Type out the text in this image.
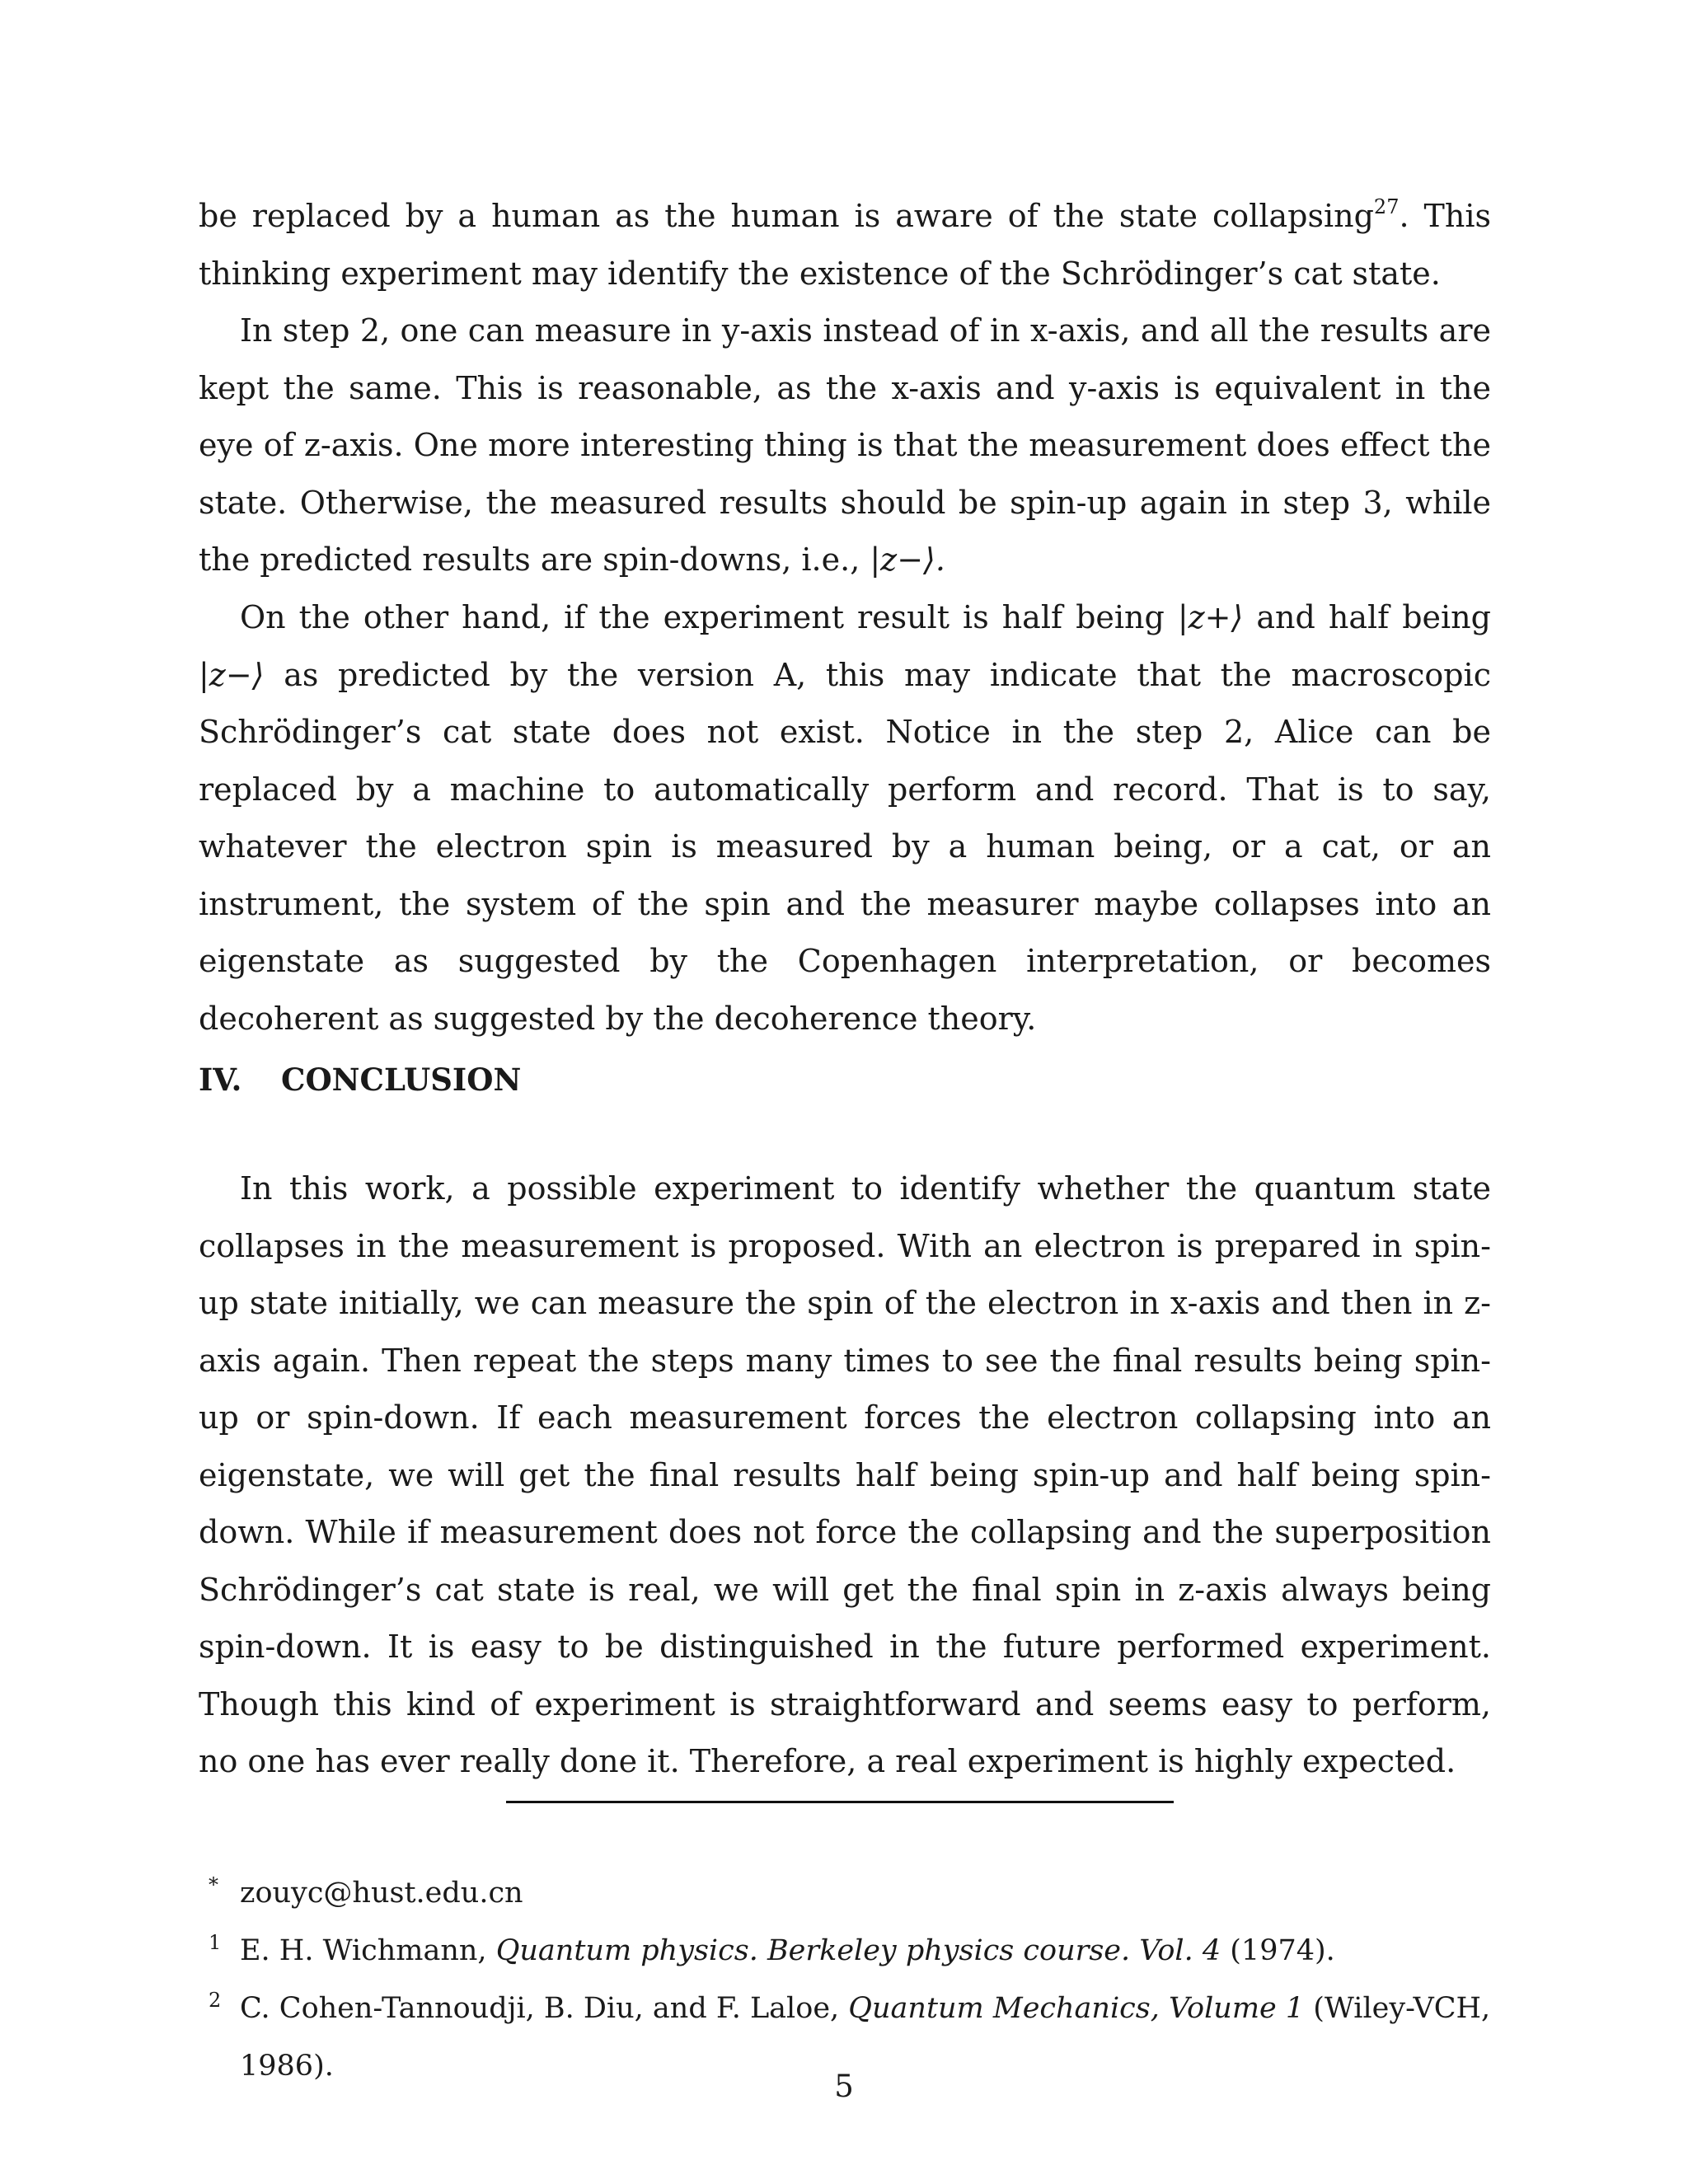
be replaced by a human as the human is aware of the state collapsing$^{27}$. This thinking experiment may identify the existence of the Schrödinger’s cat state.

In step 2, one can measure in y-axis instead of in x-axis, and all the results are kept the same. This is reasonable, as the x-axis and y-axis is equivalent in the eye of z-axis. One more interesting thing is that the measurement does effect the state. Otherwise, the measured results should be spin-up again in step 3, while the predicted results are spin-downs, i.e., |z−⟩.

On the other hand, if the experiment result is half being |z+⟩ and half being |z−⟩ as predicted by the version A, this may indicate that the macroscopic Schrödinger’s cat state does not exist. Notice in the step 2, Alice can be replaced by a machine to automatically perform and record. That is to say, whatever the electron spin is measured by a human being, or a cat, or an instrument, the system of the spin and the measurer maybe collapses into an eigenstate as suggested by the Copenhagen interpretation, or becomes decoherent as suggested by the decoherence theory.

IV. CONCLUSION

In this work, a possible experiment to identify whether the quantum state collapses in the measurement is proposed. With an electron is prepared in spin-up state initially, we can measure the spin of the electron in x-axis and then in z-axis again. Then repeat the steps many times to see the final results being spin-up or spin-down. If each measurement forces the electron collapsing into an eigenstate, we will get the final results half being spin-up and half being spin-down. While if measurement does not force the collapsing and the superposition Schrödinger’s cat state is real, we will get the final spin in z-axis always being spin-down. It is easy to be distinguished in the future performed experiment. Though this kind of experiment is straightforward and seems easy to perform, no one has ever really done it. Therefore, a real experiment is highly expected.

* zouyc@hust.edu.cn

1 E. H. Wichmann, Quantum physics. Berkeley physics course. Vol. 4 (1974).

2 C. Cohen-Tannoudji, B. Diu, and F. Laloe, Quantum Mechanics, Volume 1 (Wiley-VCH, 1986).

5
